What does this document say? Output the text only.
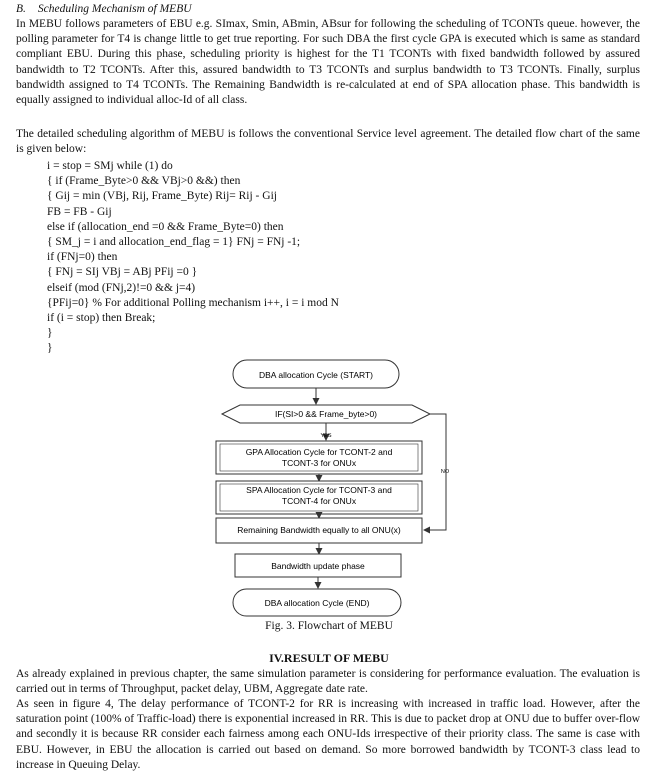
B. Scheduling Mechanism of MEBU

In MEBU follows parameters of EBU e.g. SImax, Smin, ABmin, ABsur for following the scheduling of TCONTs queue. however, the polling parameter for T4 is change little to get true reporting. For such DBA the first cycle GPA is executed which is same as standard compliant EBU. During this phase, scheduling priority is highest for the T1 TCONTs with fixed bandwidth followed by assured bandwidth to T2 TCONTs. After this, assured bandwidth to T3 TCONTs and surplus bandwidth to T3 TCONTs. Finally, surplus bandwidth assigned to T4 TCONTs. The Remaining Bandwidth is re-calculated at end of SPA allocation phase. This bandwidth is equally assigned to individual alloc-Id of all class.

The detailed scheduling algorithm of MEBU is follows the conventional Service level agreement. The detailed flow chart of the same is given below:

i = stop = SMj while (1) do
{ if (Frame_Byte>0 && VBj>0 &&) then
{ Gij = min (VBj, Rij, Frame_Byte) Rij= Rij - Gij
FB = FB - Gij
else if (allocation_end =0 && Frame_Byte=0) then
{ SM_j = i and allocation_end_flag = 1} FNj = FNj -1;
if (FNj=0) then
{ FNj = SIj VBj = ABj PFij =0 }
elseif (mod (FNj,2)!=0 && j=4)
{PFij=0} % For additional Polling mechanism i++, i = i mod N
if (i = stop) then Break;
}
}
DBA allocation Cycle (START)
IF(SI>0 && Frame_byte>0)
YES
GPA Allocation Cycle for TCONT-2 and
TCONT-3 for ONUx
SPA Allocation Cycle for TCONT-3 and
TCONT-4 for ONUx
Remaining Bandwidth equally to all ONU(x)
Bandwidth update phase
DBA allocation Cycle (END)
NO
Fig. 3. Flowchart of MEBU
IV.RESULT OF MEBU

As already explained in previous chapter, the same simulation parameter is considering for performance evaluation. The evaluation is carried out in terms of Throughput, packet delay, UBM, Aggregate date rate.

As seen in figure 4, The delay performance of TCONT-2 for RR is increasing with increased in traffic load. However, after the saturation point (100% of Traffic-load) there is exponential increased in RR. This is due to packet drop at ONU due to buffer over-flow and secondly it is because RR consider each fairness among each ONU-Ids irrespective of their priority class. The same is case with EBU. However, in EBU the allocation is carried out based on demand. So more borrowed bandwidth by TCONT-3 class lead to increase in Queuing Delay.
